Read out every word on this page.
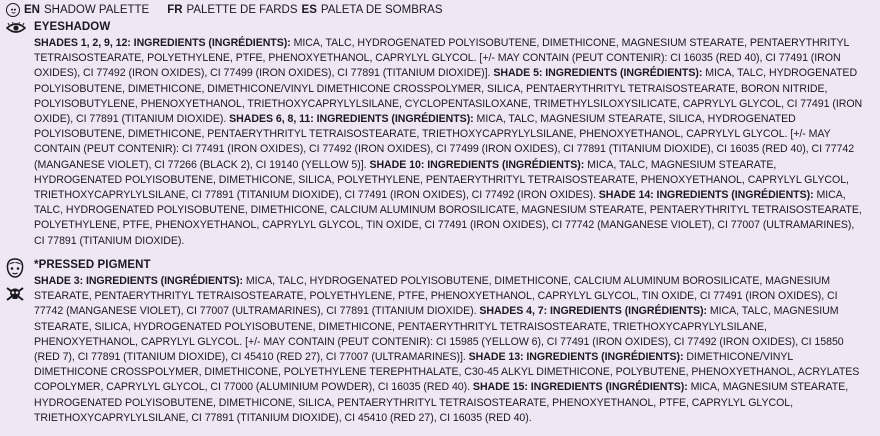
EN SHADOW PALETTE FR PALETTE DE FARDS ES PALETA DE SOMBRAS
EYESHADOW
SHADES 1, 2, 9, 12: INGREDIENTS (INGRÉDIENTS): MICA, TALC, HYDROGENATED POLYISOBUTENE, DIMETHICONE, MAGNESIUM STEARATE, PENTAERYTHRITYL TETRAISOSTEARATE, POLYETHYLENE, PTFE, PHENOXYETHANOL, CAPRYLYL GLYCOL. [+/- MAY CONTAIN (PEUT CONTENIR): CI 16035 (RED 40), CI 77491 (IRON OXIDES), CI 77492 (IRON OXIDES), CI 77499 (IRON OXIDES), CI 77891 (TITANIUM DIOXIDE)]. SHADE 5: INGREDIENTS (INGRÉDIENTS): MICA, TALC, HYDROGENATED POLYISOBUTENE, DIMETHICONE, DIMETHICONE/VINYL DIMETHICONE CROSSPOLYMER, SILICA, PENTAERYTHRITYL TETRAISOSTEARATE, BORON NITRIDE, POLYISOBUTYLENE, PHENOXYETHANOL, TRIETHOXYCAPRYLYLSILANE, CYCLOPENTASILOXANE, TRIMETHYLSILOXYSILICATE, CAPRYLYL GLYCOL, CI 77491 (IRON OXIDE), CI 77891 (TITANIUM DIOXIDE). SHADES 6, 8, 11: INGREDIENTS (INGRÉDIENTS): MICA, TALC, MAGNESIUM STEARATE, SILICA, HYDROGENATED POLYISOBUTENE, DIMETHICONE, PENTAERYTHRITYL TETRAISOSTEARATE, TRIETHOXYCAPRYLYLSILANE, PHENOXYETHANOL, CAPRYLYL GLYCOL. [+/- MAY CONTAIN (PEUT CONTENIR): CI 77491 (IRON OXIDES), CI 77492 (IRON OXIDES), CI 77499 (IRON OXIDES), CI 77891 (TITANIUM DIOXIDE), CI 16035 (RED 40), CI 77742 (MANGANESE VIOLET), CI 77266 (BLACK 2), CI 19140 (YELLOW 5)]. SHADE 10: INGREDIENTS (INGRÉDIENTS): MICA, TALC, MAGNESIUM STEARATE, HYDROGENATED POLYISOBUTENE, DIMETHICONE, SILICA, POLYETHYLENE, PENTAERYTHRITYL TETRAISOSTEARATE, PHENOXYETHANOL, CAPRYLYL GLYCOL, TRIETHOXYCAPRYLYLSILANE, CI 77891 (TITANIUM DIOXIDE), CI 77491 (IRON OXIDES), CI 77492 (IRON OXIDES). SHADE 14: INGREDIENTS (INGRÉDIENTS): MICA, TALC, HYDROGENATED POLYISOBUTENE, DIMETHICONE, CALCIUM ALUMINUM BOROSILICATE, MAGNESIUM STEARATE, PENTAERYTHRITYL TETRAISOSTEARATE, POLYETHYLENE, PTFE, PHENOXYETHANOL, CAPRYLYL GLYCOL, TIN OXIDE, CI 77491 (IRON OXIDES), CI 77742 (MANGANESE VIOLET), CI 77007 (ULTRAMARINES), CI 77891 (TITANIUM DIOXIDE).
*PRESSED PIGMENT
SHADE 3: INGREDIENTS (INGRÉDIENTS): MICA, TALC, HYDROGENATED POLYISOBUTENE, DIMETHICONE, CALCIUM ALUMINUM BOROSILICATE, MAGNESIUM STEARATE, PENTAERYTHRITYL TETRAISOSTEARATE, POLYETHYLENE, PTFE, PHENOXYETHANOL, CAPRYLYL GLYCOL, TIN OXIDE, CI 77491 (IRON OXIDES), CI 77742 (MANGANESE VIOLET), CI 77007 (ULTRAMARINES), CI 77891 (TITANIUM DIOXIDE). SHADES 4, 7: INGREDIENTS (INGRÉDIENTS): MICA, TALC, MAGNESIUM STEARATE, SILICA, HYDROGENATED POLYISOBUTENE, DIMETHICONE, PENTAERYTHRITYL TETRAISOSTEARATE, TRIETHOXYCAPRYLYLSILANE, PHENOXYETHANOL, CAPRYLYL GLYCOL. [+/- MAY CONTAIN (PEUT CONTENIR): CI 15985 (YELLOW 6), CI 77491 (IRON OXIDES), CI 77492 (IRON OXIDES), CI 15850 (RED 7), CI 77891 (TITANIUM DIOXIDE), CI 45410 (RED 27), CI 77007 (ULTRAMARINES)]. SHADE 13: INGREDIENTS (INGRÉDIENTS): DIMETHICONE/VINYL DIMETHICONE CROSSPOLYMER, DIMETHICONE, POLYETHYLENE TEREPHTHALATE, C30-45 ALKYL DIMETHICONE, POLYBUTENE, PHENOXYETHANOL, ACRYLATES COPOLYMER, CAPRYLYL GLYCOL, CI 77000 (ALUMINIUM POWDER), CI 16035 (RED 40). SHADE 15: INGREDIENTS (INGRÉDIENTS): MICA, MAGNESIUM STEARATE, HYDROGENATED POLYISOBUTENE, DIMETHICONE, SILICA, PENTAERYTHRITYL TETRAISOSTEARATE, PHENOXYETHANOL, PTFE, CAPRYLYL GLYCOL, TRIETHOXYCAPRYLYLSILANE, CI 77891 (TITANIUM DIOXIDE), CI 45410 (RED 27), CI 16035 (RED 40).
